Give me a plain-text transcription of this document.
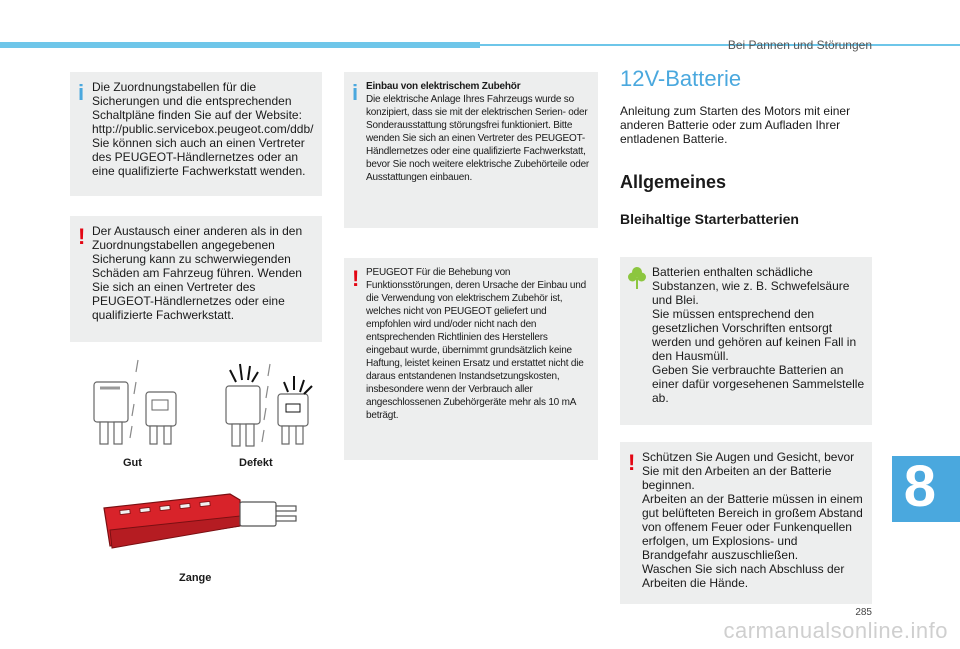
Bei Pannen und Störungen
i Die Zuordnungstabellen für die Sicherungen und die entsprechenden Schaltpläne finden Sie auf der Website: http://public.servicebox.peugeot.com/ddb/ Sie können sich auch an einen Vertreter des PEUGEOT-Händlernetzes oder an eine qualifizierte Fachwerkstatt wenden.
! Der Austausch einer anderen als in den Zuordnungstabellen angegebenen Sicherung kann zu schwerwiegenden Schäden am Fahrzeug führen. Wenden Sie sich an einen Vertreter des PEUGEOT-Händlernetzes oder eine qualifizierte Fachwerkstatt.
Gut	Defekt
Zange
i Einbau von elektrischem Zubehör
Die elektrische Anlage Ihres Fahrzeugs wurde so konzipiert, dass sie mit der elektrischen Serien- oder Sonderausstattung störungsfrei funktioniert. Bitte wenden Sie sich an einen Vertreter des PEUGEOT-Händlernetzes oder eine qualifizierte Fachwerkstatt, bevor Sie noch weitere elektrische Zubehörteile oder Ausstattungen einbauen.
! PEUGEOT Für die Behebung von Funktionsstörungen, deren Ursache der Einbau und die Verwendung von elektrischem Zubehör ist, welches nicht von PEUGEOT geliefert und empfohlen wird und/oder nicht nach den entsprechenden Richtlinien des Herstellers eingebaut wurde, übernimmt grundsätzlich keine Haftung, leistet keinen Ersatz und erstattet nicht die daraus entstandenen Instandsetzungskosten, insbesondere wenn der Verbrauch aller angeschlossenen Zubehörgeräte mehr als 10 mA beträgt.
12V-Batterie
Anleitung zum Starten des Motors mit einer anderen Batterie oder zum Aufladen Ihrer entladenen Batterie.
Allgemeines
Bleihaltige Starterbatterien
Batterien enthalten schädliche Substanzen, wie z. B. Schwefelsäure und Blei.
Sie müssen entsprechend den gesetzlichen Vorschriften entsorgt werden und gehören auf keinen Fall in den Hausmüll.
Geben Sie verbrauchte Batterien an einer dafür vorgesehenen Sammelstelle ab.
! Schützen Sie Augen und Gesicht, bevor Sie mit den Arbeiten an der Batterie beginnen.
Arbeiten an der Batterie müssen in einem gut belüfteten Bereich in großem Abstand von offenem Feuer oder Funkenquellen erfolgen, um Explosions- und Brandgefahr auszuschließen.
Waschen Sie sich nach Abschluss der Arbeiten die Hände.
8
285
carmanualsonline.info
